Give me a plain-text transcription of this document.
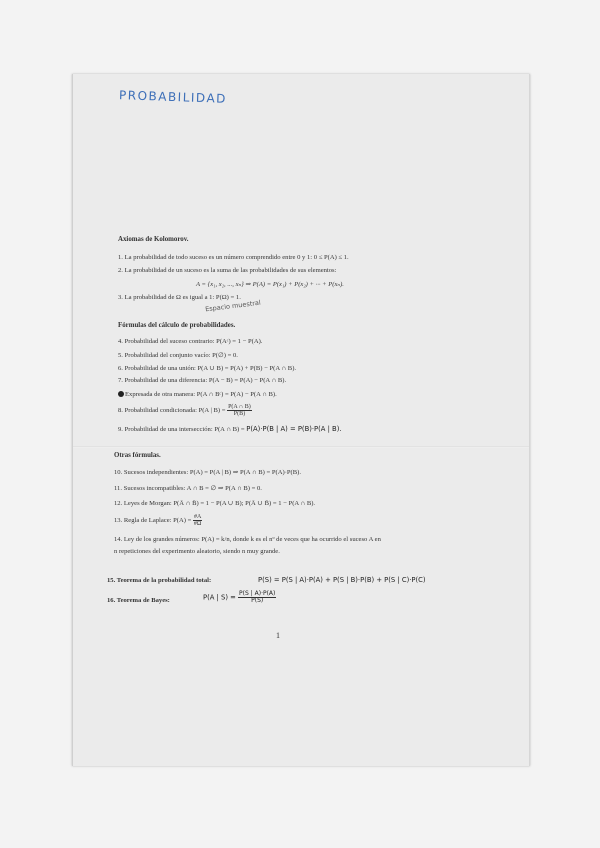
PROBABILIDAD
Axiomas de Kolomorov.
1. La probabilidad de todo suceso es un número comprendido entre 0 y 1: 0 ≤ P(A) ≤ 1.
2. La probabilidad de un suceso es la suma de las probabilidades de sus elementos:
A = {x₁, x₂, ..., xₙ} ⇒ P(A) = P(x₁) + P(x₂) + ··· + P(xₙ).
3. La probabilidad de Ω es igual a 1: P(Ω) = 1.
Espacio muestral
Fórmulas del cálculo de probabilidades.
4. Probabilidad del suceso contrario: P(Aᶜ) = 1 − P(A).
5. Probabilidad del conjunto vacío: P(∅) = 0.
6. Probabilidad de una unión: P(A ∪ B) = P(A) + P(B) − P(A ∩ B).
7. Probabilidad de una diferencia: P(A − B) = P(A) − P(A ∩ B).
Expresada de otra manera: P(A ∩ Bᶜ) = P(A) − P(A ∩ B).
8. Probabilidad condicionada: P(A | $B) = \frac{P(A \cap B)}{P(B)}$
9. Probabilidad de una intersección: P(A ∩ B) = P(A)·P(B | A) = P(B)·P(A | B).
Otras fórmulas.
10. Sucesos independientes: P(A) = P(A | B) ⇒ P(A ∩ B) = P(A)·P(B).
11. Sucesos incompatibles: A ∩ B = ∅ ⇒ P(A ∩ B) = 0.
12. Leyes de Morgan: P(Ā ∩ B̄) = 1 − P(A ∪ B); P(Ā ∪ B̄) = 1 − P(A ∩ B).
13. Regla de Laplace: $P(A) = \frac{\#A}{\#\Omega}$
14. Ley de los grandes números: P(A) = k/n, donde k es el nº de veces que ha ocurrido el suceso A en
n repeticiones del experimento aleatorio, siendo n muy grande.
15. Teorema de la probabilidad total:	P(S) = P(S | A)·P(A) + P(S | B)·P(B) + P(S | C)·P(C)
16. Teorema de Bayes:	P(A | $S) = \frac{P(S | A)\cdot P(A)}{P(S)}$
1
